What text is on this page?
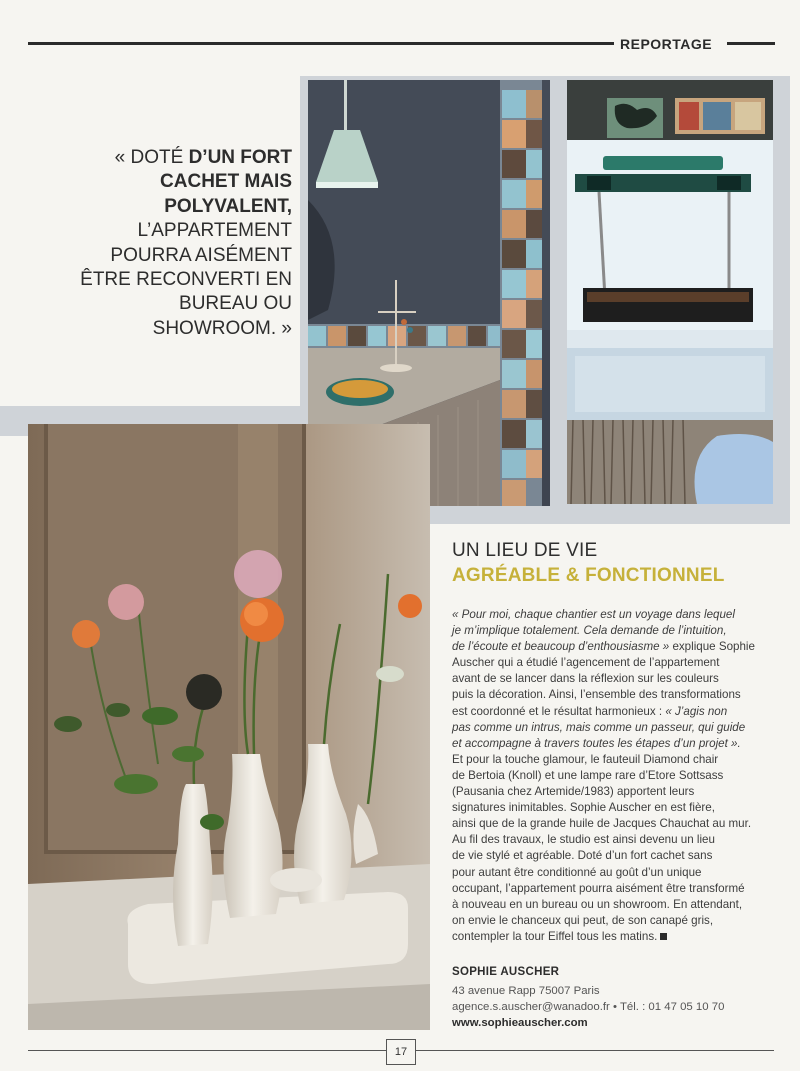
REPORTAGE
« DOTÉ D’UN FORT CACHET MAIS POLYVALENT, L’APPARTEMENT POURRA AISÉMENT ÊTRE RECONVERTI EN BUREAU OU SHOWROOM. »
UN LIEU DE VIE
AGRÉABLE & FONCTIONNEL
« Pour moi, chaque chantier est un voyage dans lequel
je m’implique totalement. Cela demande de l’intuition,
de l’écoute et beaucoup d’enthousiasme » explique Sophie
Auscher qui a étudié l’agencement de l’appartement
avant de se lancer dans la réflexion sur les couleurs
puis la décoration. Ainsi, l’ensemble des transformations
est coordonné et le résultat harmonieux : « J’agis non
pas comme un intrus, mais comme un passeur, qui guide
et accompagne à travers toutes les étapes d’un projet ».
Et pour la touche glamour, le fauteuil Diamond chair
de Bertoia (Knoll) et une lampe rare d’Etore Sottsass
(Pausania chez Artemide/1983) apportent leurs
signatures inimitables. Sophie Auscher en est fière,
ainsi que de la grande huile de Jacques Chauchat au mur.
Au fil des travaux, le studio est ainsi devenu un lieu
de vie stylé et agréable. Doté d’un fort cachet sans
pour autant être conditionné au goût d’un unique
occupant, l’appartement pourra aisément être transformé
à nouveau en un bureau ou un showroom. En attendant,
on envie le chanceux qui peut, de son canapé gris,
contempler la tour Eiffel tous les matins.
SOPHIE AUSCHER
43 avenue Rapp 75007 Paris
agence.s.auscher@wanadoo.fr • Tél. : 01 47 05 10 70
www.sophieauscher.com
17
